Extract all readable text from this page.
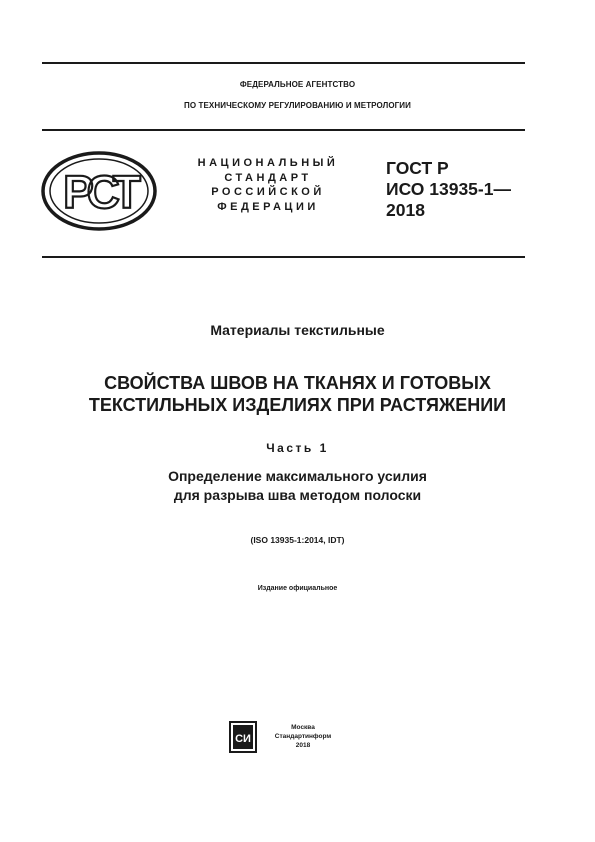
ФЕДЕРАЛЬНОЕ АГЕНТСТВО
ПО ТЕХНИЧЕСКОМУ РЕГУЛИРОВАНИЮ И МЕТРОЛОГИИ
РСТ
НАЦИОНАЛЬНЫЙ
СТАНДАРТ
РОССИЙСКОЙ
ФЕДЕРАЦИИ
ГОСТ Р
ИСО 13935-1—
2018
Материалы текстильные
СВОЙСТВА ШВОВ НА ТКАНЯХ И ГОТОВЫХ
ТЕКСТИЛЬНЫХ ИЗДЕЛИЯХ ПРИ РАСТЯЖЕНИИ
Часть 1
Определение максимального усилия
для разрыва шва методом полоски
(ISO 13935-1:2014, IDT)
Издание официальное
СИ
Москва
Стандартинформ
2018
